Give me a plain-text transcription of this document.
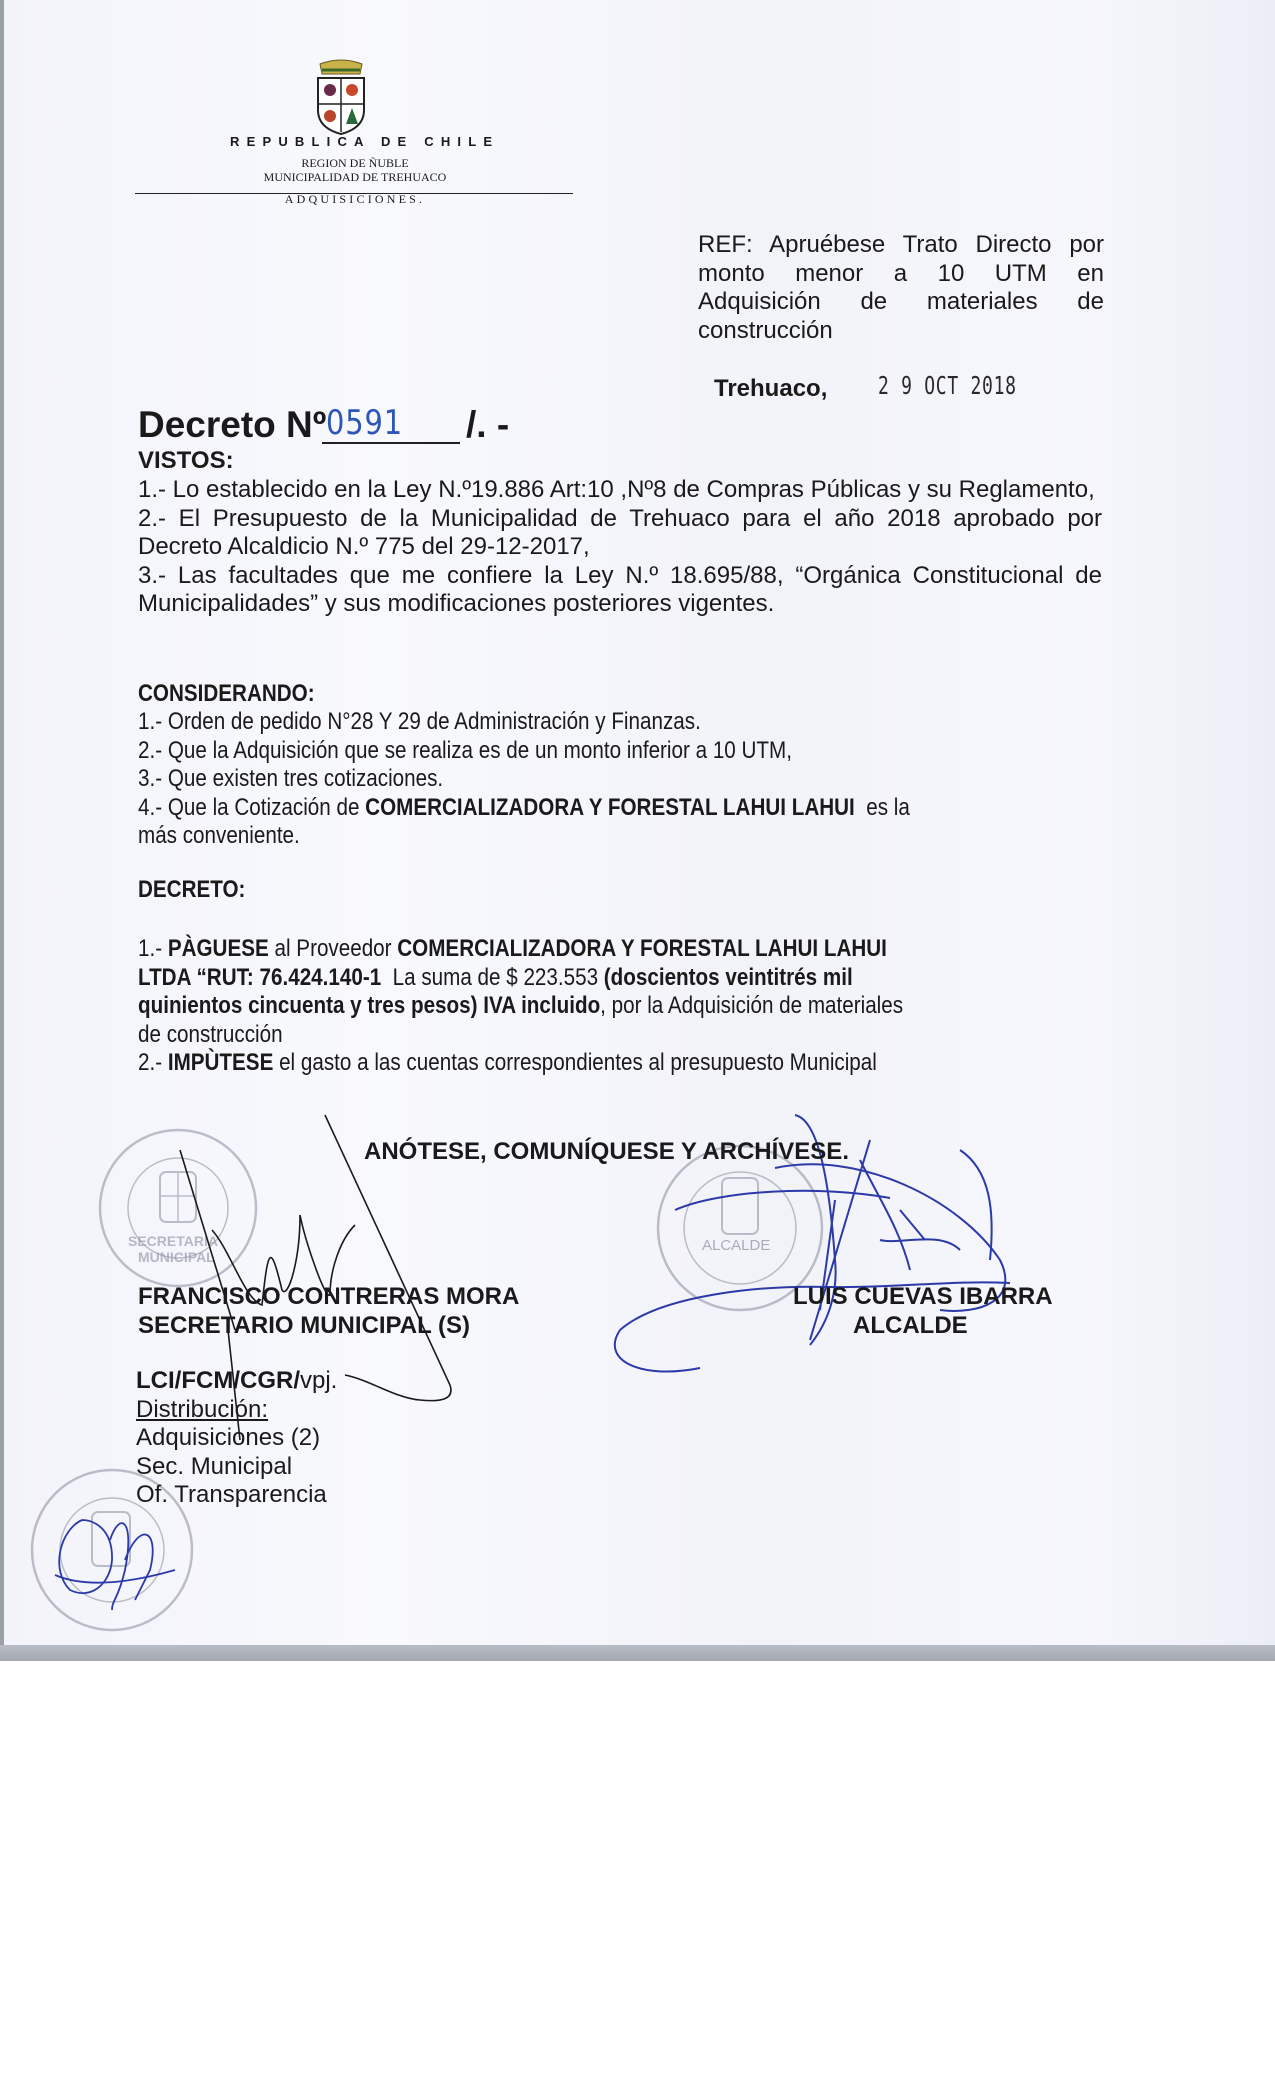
REPUBLICA DE CHILE
REGION DE ÑUBLE
MUNICIPALIDAD DE TREHUACO
ADQUISICIONES.
REF: Apruébese Trato Directo por monto menor a 10 UTM en Adquisición de materiales de construcción
Trehuaco, 2 9 OCT 2018
Decreto Nº 0591 /. -
VISTOS:
1.- Lo establecido en la Ley N.º19.886 Art:10 ,Nº8 de Compras Públicas y su Reglamento,
2.- El Presupuesto de la Municipalidad de Trehuaco para el año 2018 aprobado por Decreto Alcaldicio N.º 775 del 29-12-2017,
3.- Las facultades que me confiere la Ley N.º 18.695/88, “Orgánica Constitucional de Municipalidades” y sus modificaciones posteriores vigentes.
CONSIDERANDO:
1.- Orden de pedido N°28 Y 29 de Administración y Finanzas.
2.- Que la Adquisición que se realiza es de un monto inferior a 10 UTM,
3.- Que existen tres cotizaciones.
4.- Que la Cotización de COMERCIALIZADORA Y FORESTAL LAHUI LAHUI  es la
más conveniente.
DECRETO:
1.- PÀGUESE al Proveedor COMERCIALIZADORA Y FORESTAL LAHUI LAHUI
LTDA “RUT: 76.424.140-1  La suma de $ 223.553 (doscientos veintitrés mil
quinientos cincuenta y tres pesos) IVA incluido, por la Adquisición de materiales
de construcción
2.- IMPÙTESE el gasto a las cuentas correspondientes al presupuesto Municipal
SECRETARIA
MUNICIPAL
ALCALDE
ANÓTESE, COMUNÍQUESE Y ARCHÍVESE.
FRANCISCO CONTRERAS MORA
SECRETARIO MUNICIPAL (S)
LUIS CUEVAS IBARRA
ALCALDE
LCI/FCM/CGR/vpj.
Distribución:
Adquisiciones (2)
Sec. Municipal
Of. Transparencia
